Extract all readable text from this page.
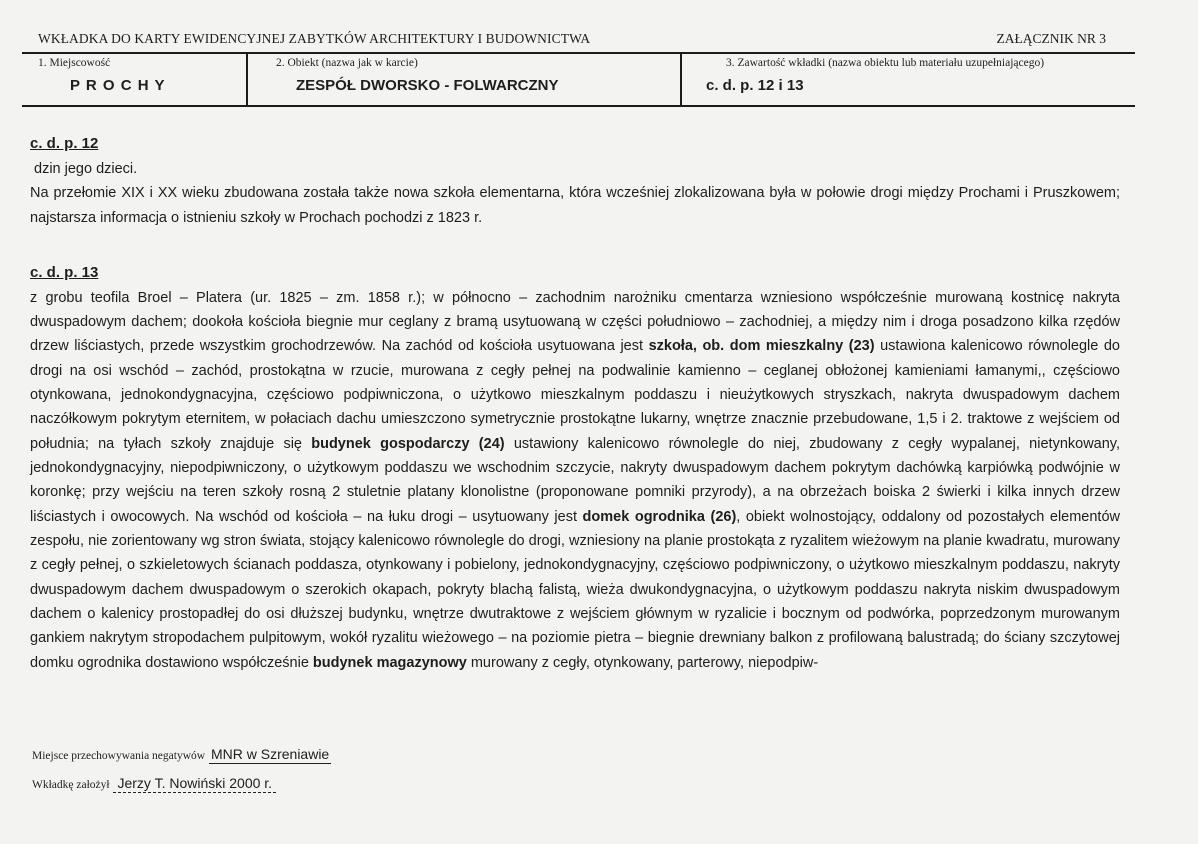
WKŁADKA DO KARTY EWIDENCYJNEJ ZABYTKÓW ARCHITEKTURY I BUDOWNICTWA	ZAŁĄCZNIK NR 3
1. Miejscowość
P R O C H Y
2. Obiekt (nazwa jak w karcie)
ZESPÓŁ DWORSKO - FOLWARCZNY
3. Zawartość wkładki (nazwa obiektu lub materiału uzupełniającego)
c. d. p. 12 i 13
c. d. p. 12

dzin jego dzieci.

Na przełomie XIX i XX wieku zbudowana została także nowa szkoła elementarna, która wcześniej zlokalizowana była w połowie drogi między Prochami i Pruszkowem; najstarsza informacja o istnieniu szkoły w Prochach pochodzi z 1823 r.

c. d. p. 13

z grobu teofila Broel – Platera (ur. 1825 – zm. 1858 r.); w północno – zachodnim narożniku cmentarza wzniesiono współcześnie murowaną kostnicę nakryta dwuspadowym dachem; dookoła kościoła biegnie mur ceglany z bramą usytuowaną w części południowo – zachodniej, a między nim i droga posadzono kilka rzędów drzew liściastych, przede wszystkim grochodrzewów. Na zachód od kościoła usytuowana jest szkoła, ob. dom mieszkalny (23) ustawiona kalenicowo równolegle do drogi na osi wschód – zachód, prostokątna w rzucie, murowana z cegły pełnej na podwalinie kamienno – ceglanej obłożonej kamieniami łamanymi,, częściowo otynkowana, jednokondygnacyjna, częściowo podpiwniczona, o użytkowo mieszkalnym poddaszu i nieużytkowych stryszkach, nakryta dwuspadowym dachem naczółkowym pokrytym eternitem, w połaciach dachu umieszczono symetrycznie prostokątne lukarny, wnętrze znacznie przebudowane, 1,5 i 2. traktowe z wejściem od południa; na tyłach szkoły znajduje się budynek gospodarczy (24) ustawiony kalenicowo równolegle do niej, zbudowany z cegły wypalanej, nietynkowany, jednokondygnacyjny, niepodpiwniczony, o użytkowym poddaszu we wschodnim szczycie, nakryty dwuspadowym dachem pokrytym dachówką karpiówką podwójnie w koronkę; przy wejściu na teren szkoły rosną 2 stuletnie platany klonolistne (proponowane pomniki przyrody), a na obrzeżach boiska 2 świerki i kilka innych drzew liściastych i owocowych. Na wschód od kościoła – na łuku drogi – usytuowany jest domek ogrodnika (26), obiekt wolnostojący, oddalony od pozostałych elementów zespołu, nie zorientowany wg stron świata, stojący kalenicowo równolegle do drogi, wzniesiony na planie prostokąta z ryzalitem wieżowym na planie kwadratu, murowany z cegły pełnej, o szkieletowych ścianach poddasza, otynkowany i pobielony, jednokondygnacyjny, częściowo podpiwniczony, o użytkowo mieszkalnym poddaszu, nakryty dwuspadowym dachem dwuspadowym o szerokich okapach, pokryty blachą falistą, wieża dwukondygnacyjna, o użytkowym poddaszu nakryta niskim dwuspadowym dachem o kalenicy prostopadłej do osi dłuższej budynku, wnętrze dwutraktowe z wejściem głównym w ryzalicie i bocznym od podwórka, poprzedzonym murowanym gankiem nakrytym stropodachem pulpitowym, wokół ryzalitu wieżowego – na poziomie pietra – biegnie drewniany balkon z profilowaną balustradą; do ściany szczytowej domku ogrodnika dostawiono współcześnie budynek magazynowy murowany z cegły, otynkowany, parterowy, niepodpiw-

Miejsce przechowywania negatywów MNR w Szreniawie
Wkładkę założył Jerzy T. Nowiński 2000 r.
